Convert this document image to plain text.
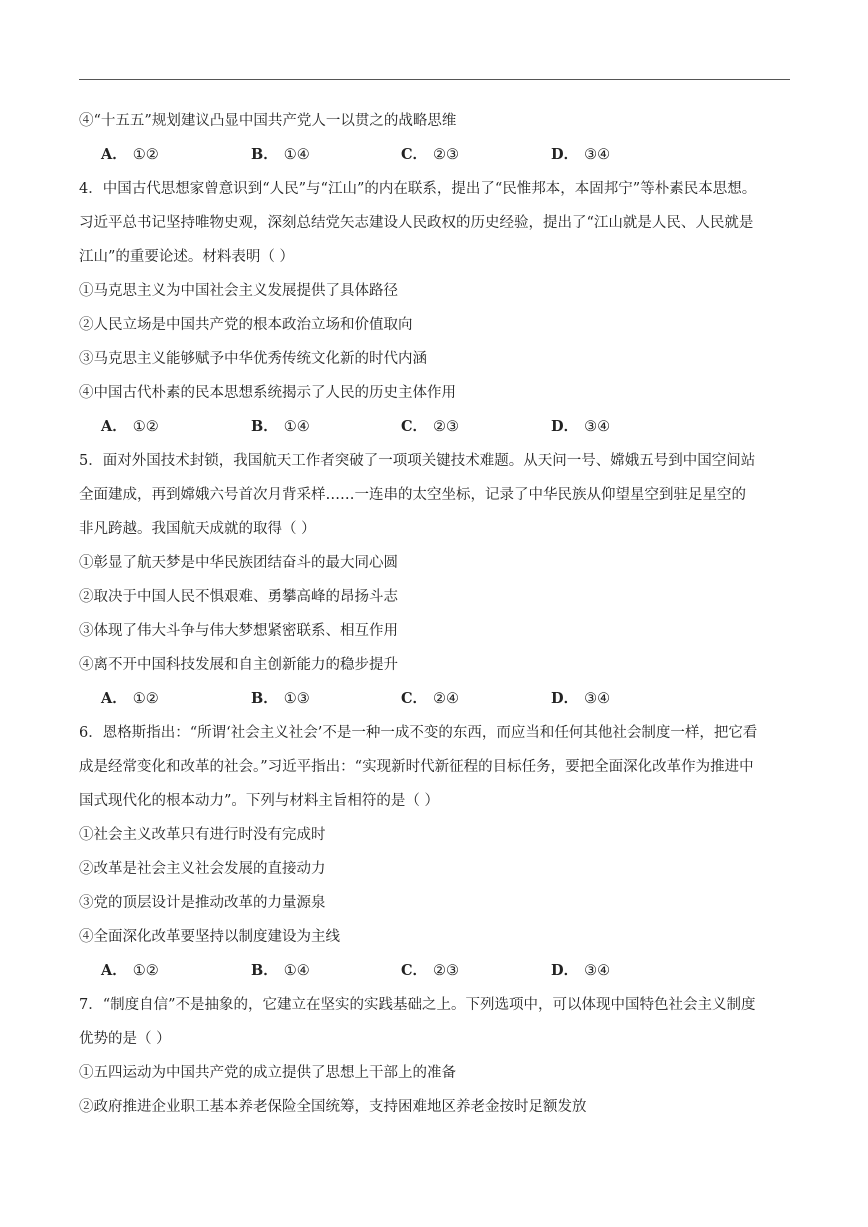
④“十五五”规划建议凸显中国共产党人一以贯之的战略思维
A． ①②	B． ①④	C． ②③	D． ③④
4．中国古代思想家曾意识到“人民”与“江山”的内在联系，提出了“民惟邦本，本固邦宁”等朴素民本思想。
习近平总书记坚持唯物史观，深刻总结党矢志建设人民政权的历史经验，提出了“江山就是人民、人民就是
江山”的重要论述。材料表明（ ）
①马克思主义为中国社会主义发展提供了具体路径
②人民立场是中国共产党的根本政治立场和价值取向
③马克思主义能够赋予中华优秀传统文化新的时代内涵
④中国古代朴素的民本思想系统揭示了人民的历史主体作用
A． ①②	B． ①④	C． ②③	D． ③④
5．面对外国技术封锁，我国航天工作者突破了一项项关键技术难题。从天问一号、嫦娥五号到中国空间站
全面建成，再到嫦娥六号首次月背采样……一连串的太空坐标，记录了中华民族从仰望星空到驻足星空的
非凡跨越。我国航天成就的取得（ ）
①彰显了航天梦是中华民族团结奋斗的最大同心圆
②取决于中国人民不惧艰难、勇攀高峰的昂扬斗志
③体现了伟大斗争与伟大梦想紧密联系、相互作用
④离不开中国科技发展和自主创新能力的稳步提升
A． ①②	B． ①③	C． ②④	D． ③④
6．恩格斯指出：“所谓‘社会主义社会’不是一种一成不变的东西，而应当和任何其他社会制度一样，把它看
成是经常变化和改革的社会。”习近平指出：“实现新时代新征程的目标任务，要把全面深化改革作为推进中
国式现代化的根本动力”。下列与材料主旨相符的是（ ）
①社会主义改革只有进行时没有完成时
②改革是社会主义社会发展的直接动力
③党的顶层设计是推动改革的力量源泉
④全面深化改革要坚持以制度建设为主线
A． ①②	B． ①④	C． ②③	D． ③④
7．“制度自信”不是抽象的，它建立在坚实的实践基础之上。下列选项中，可以体现中国特色社会主义制度
优势的是（ ）
①五四运动为中国共产党的成立提供了思想上干部上的准备
②政府推进企业职工基本养老保险全国统筹，支持困难地区养老金按时足额发放
